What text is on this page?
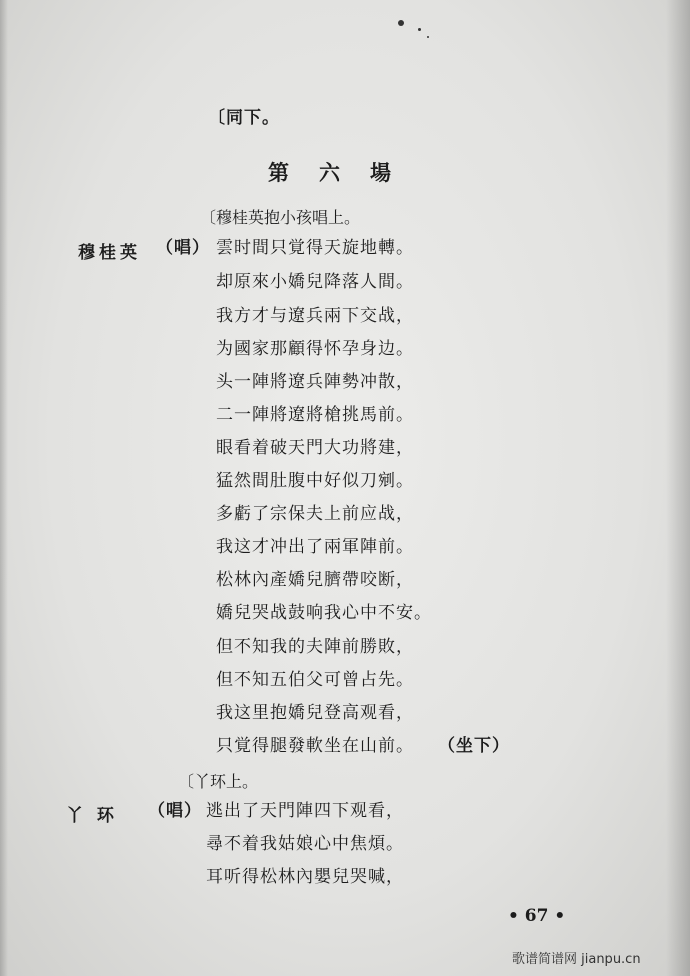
〔同下。
第六場
〔穆桂英抱小孩唱上。
穆桂英 （唱） 雲时間只覚得天旋地轉。
却原來小嬌兒降落人間。
我方才与遼兵兩下交战，
为國家那顧得怀孕身边。
头一陣將遼兵陣勢冲散，
二一陣將遼將槍挑馬前。
眼看着破天門大功將建，
猛然間肚腹中好似刀剜。
多虧了宗保夫上前应战，
我这才冲出了兩軍陣前。
松林內產嬌兒臍帶咬断，
嬌兒哭战鼓响我心中不安。
但不知我的夫陣前勝敗，
但不知五伯父可曾占先。
我这里抱嬌兒登高观看，
只覚得腿發軟坐在山前。 （坐下）
〔丫环上。
丫 环 （唱） 逃出了天門陣四下观看，
尋不着我姑娘心中焦煩。
耳听得松林內嬰兒哭喊，
• 67 •
歌谱简谱网 jianpu.cn
